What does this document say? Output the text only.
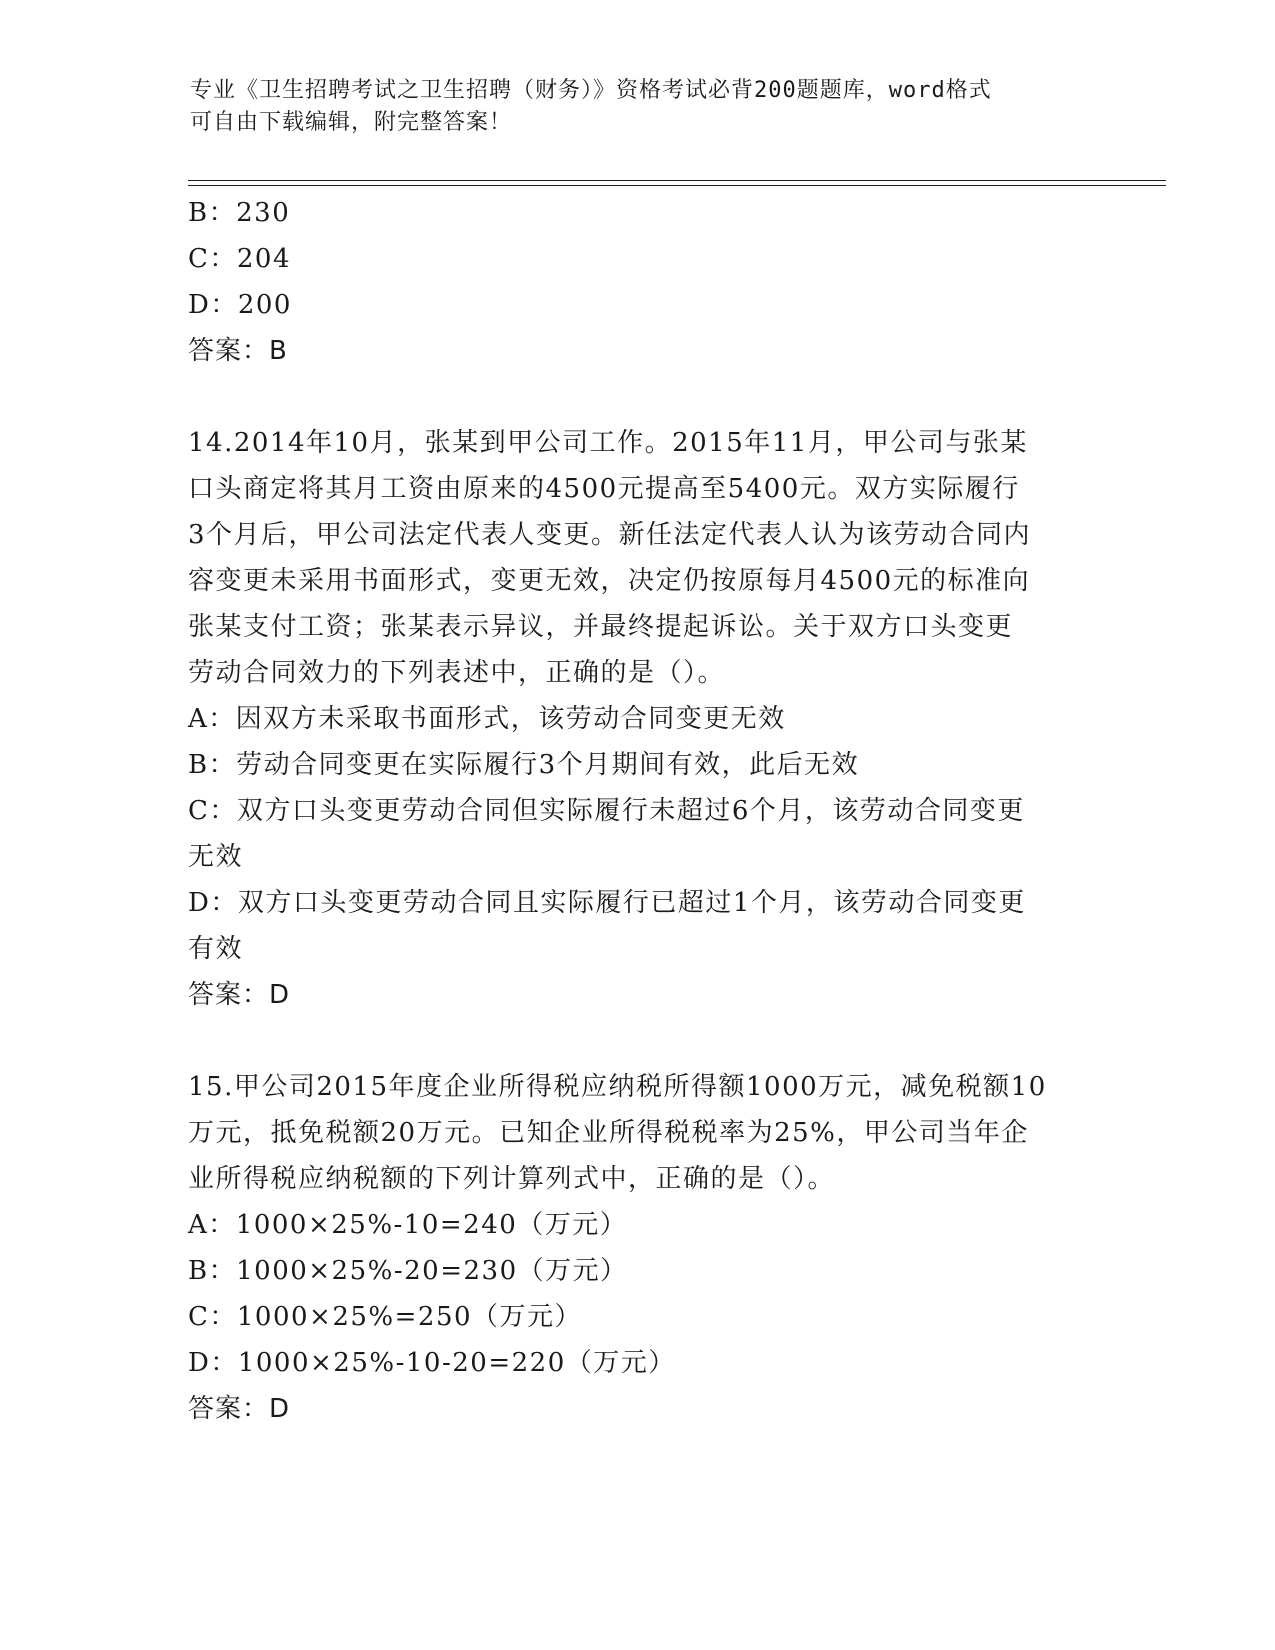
专业《卫生招聘考试之卫生招聘（财务）》资格考试必背200题题库，word格式
可自由下载编辑，附完整答案！
B：230
C：204
D：200
答案：B
14.2014年10月，张某到甲公司工作。2015年11月，甲公司与张某
口头商定将其月工资由原来的4500元提高至5400元。双方实际履行
3个月后，甲公司法定代表人变更。新任法定代表人认为该劳动合同内
容变更未采用书面形式，变更无效，决定仍按原每月4500元的标准向
张某支付工资；张某表示异议，并最终提起诉讼。关于双方口头变更
劳动合同效力的下列表述中，正确的是（）。
A：因双方未采取书面形式，该劳动合同变更无效
B：劳动合同变更在实际履行3个月期间有效，此后无效
C：双方口头变更劳动合同但实际履行未超过6个月，该劳动合同变更
无效
D：双方口头变更劳动合同且实际履行已超过1个月，该劳动合同变更
有效
答案：D
15.甲公司2015年度企业所得税应纳税所得额1000万元，减免税额10
万元，抵免税额20万元。已知企业所得税税率为25%，甲公司当年企
业所得税应纳税额的下列计算列式中，正确的是（）。
A：1000×25%-10=240（万元）
B：1000×25%-20=230（万元）
C：1000×25%=250（万元）
D：1000×25%-10-20=220（万元）
答案：D
